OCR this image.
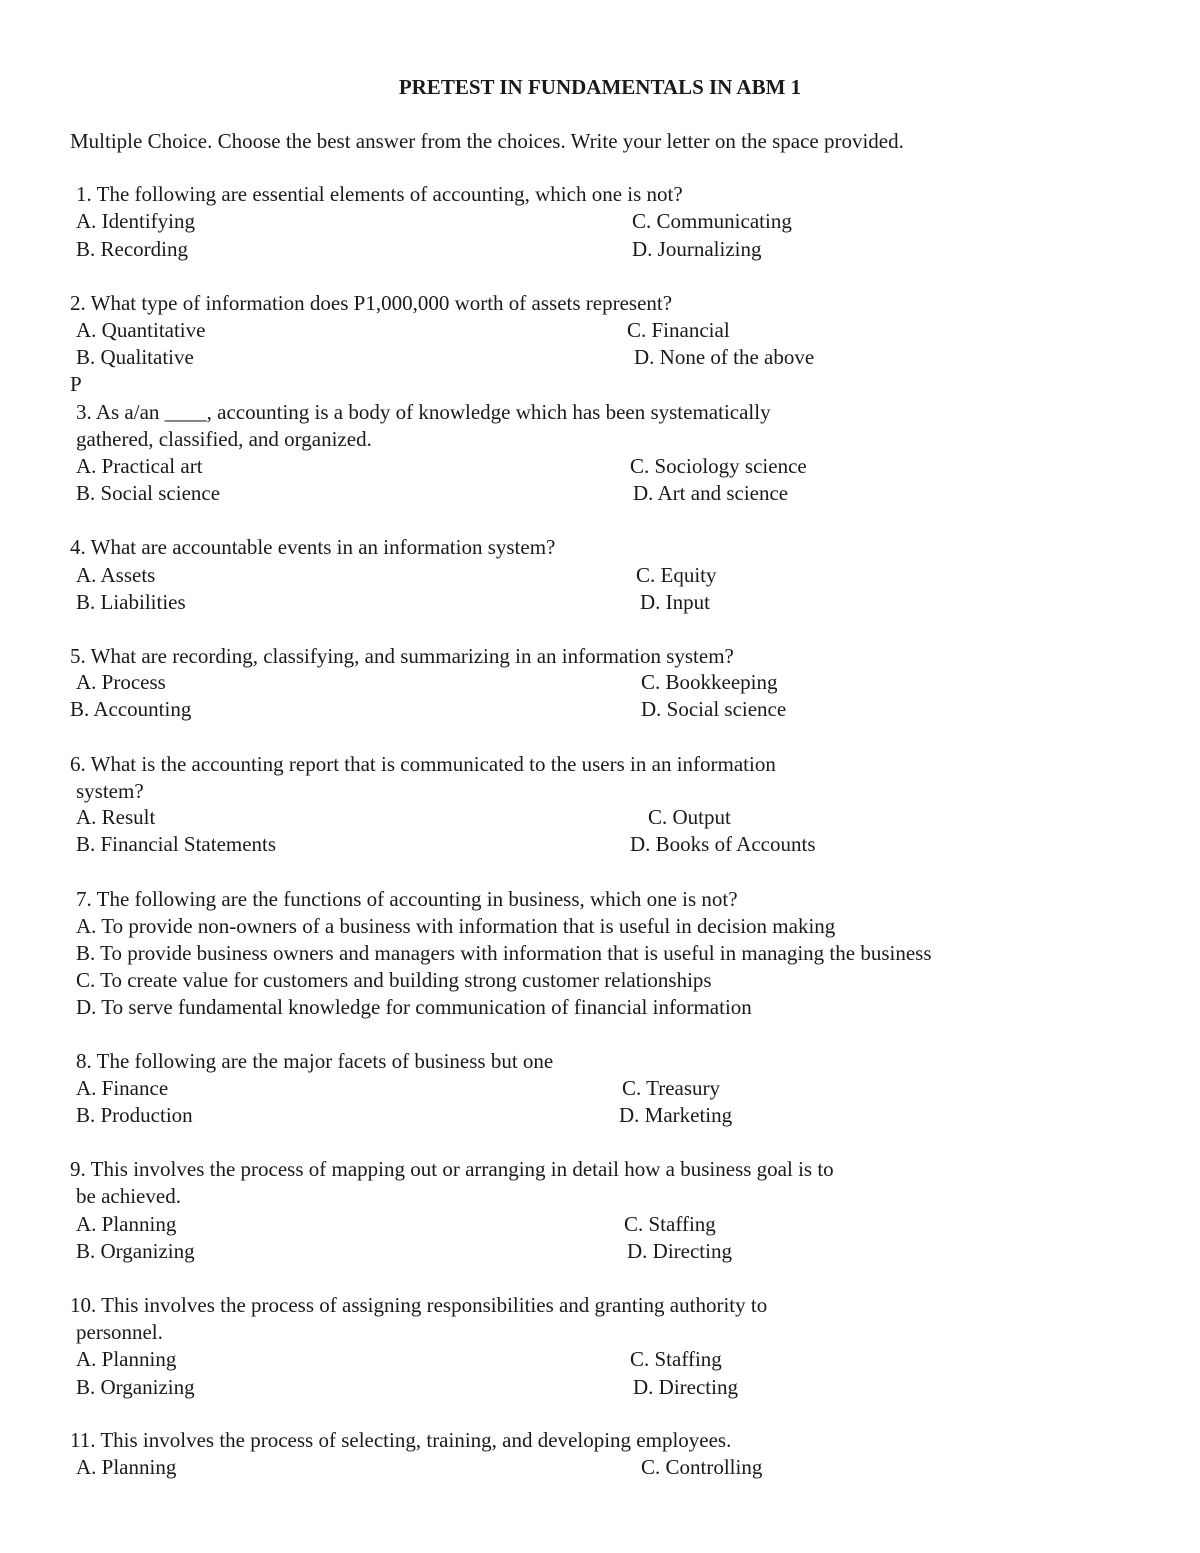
PRETEST IN FUNDAMENTALS IN ABM 1
Multiple Choice. Choose the best answer from the choices. Write your letter on the space provided.
1. The following are essential elements of accounting, which one is not?
A. Identifying	C. Communicating
B. Recording	D. Journalizing
2. What type of information does P1,000,000 worth of assets represent?
A. Quantitative	C. Financial
B. Qualitative	D. None of the above
P
3. As a/an ____, accounting is a body of knowledge which has been systematically
gathered, classified, and organized.
A. Practical art	C. Sociology science
B. Social science	D. Art and science
4. What are accountable events in an information system?
A. Assets	C. Equity
B. Liabilities	D. Input
5. What are recording, classifying, and summarizing in an information system?
A. Process	C. Bookkeeping
B. Accounting	D. Social science
6. What is the accounting report that is communicated to the users in an information
system?
A. Result	C. Output
B. Financial Statements	D. Books of Accounts
7. The following are the functions of accounting in business, which one is not?
A. To provide non-owners of a business with information that is useful in decision making
B. To provide business owners and managers with information that is useful in managing the business
C. To create value for customers and building strong customer relationships
D. To serve fundamental knowledge for communication of financial information
8. The following are the major facets of business but one
A. Finance	C. Treasury
B. Production	D. Marketing
9. This involves the process of mapping out or arranging in detail how a business goal is to
be achieved.
A. Planning	C. Staffing
B. Organizing	D. Directing
10. This involves the process of assigning responsibilities and granting authority to
personnel.
A. Planning	C. Staffing
B. Organizing	D. Directing
11. This involves the process of selecting, training, and developing employees.
A. Planning	C. Controlling
